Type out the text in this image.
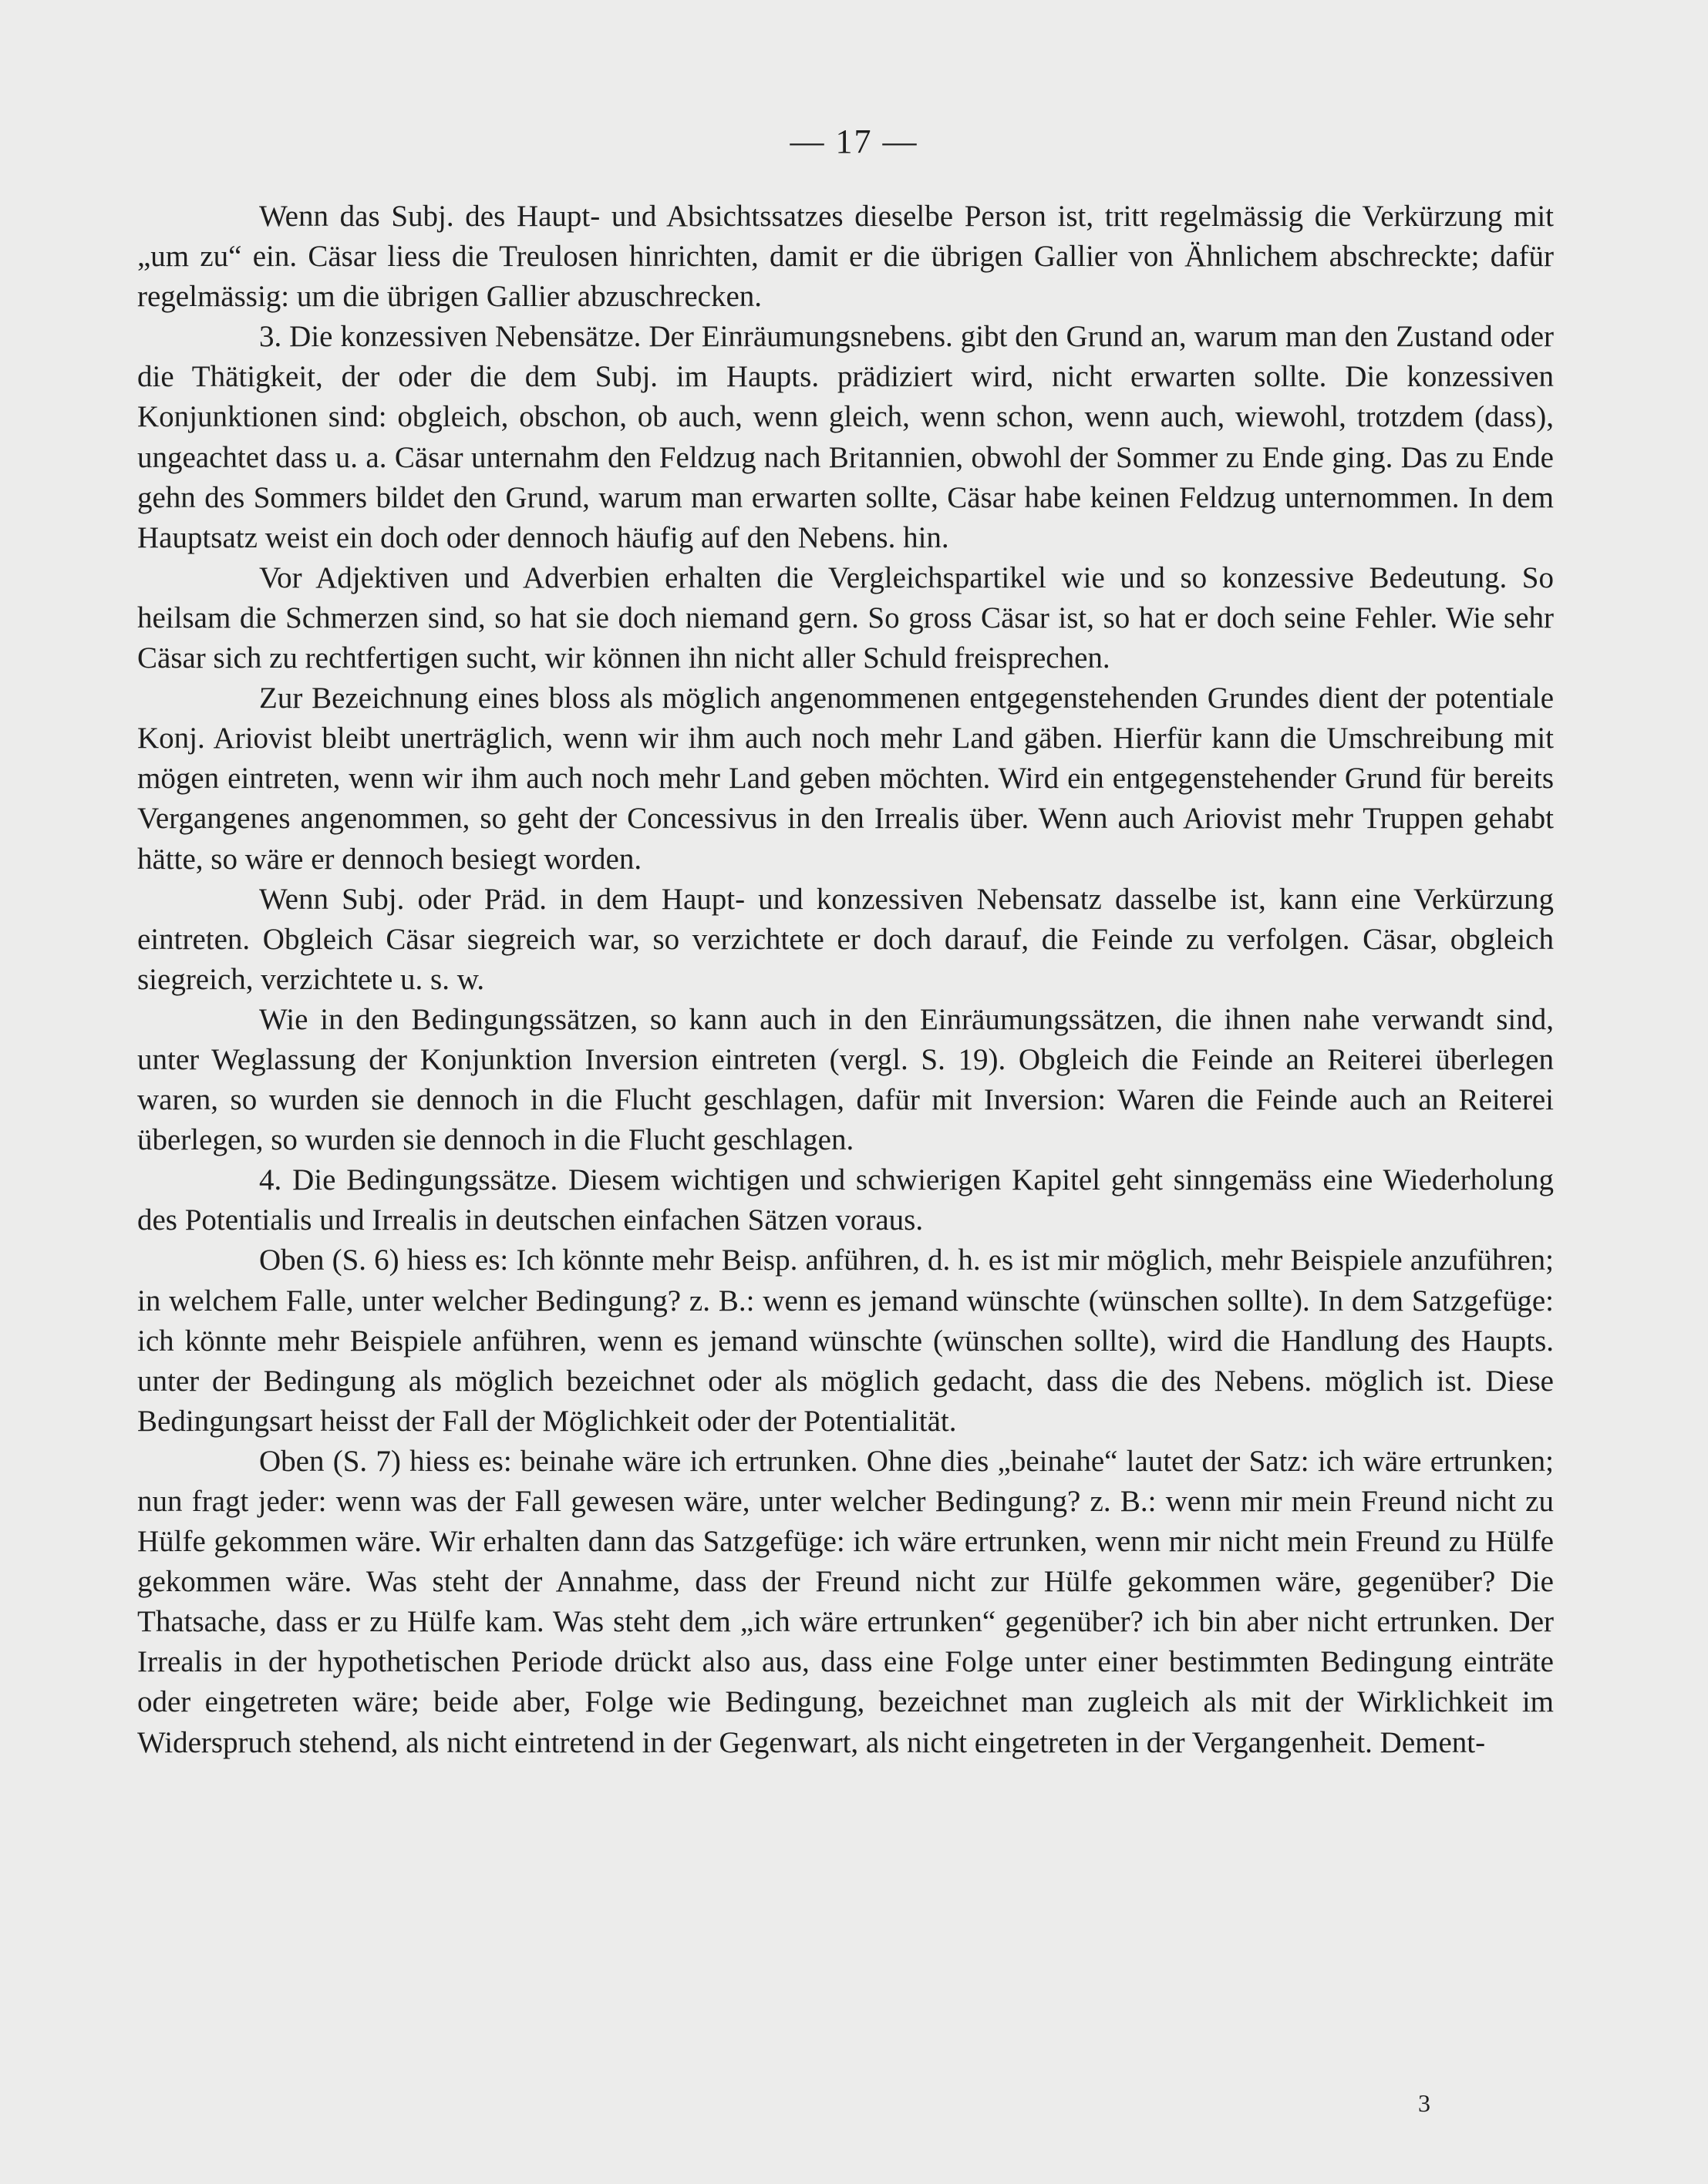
— 17 —

Wenn das Subj. des Haupt- und Absichtssatzes dieselbe Person ist, tritt regelmässig die Verkürzung mit „um zu“ ein. Cäsar liess die Treulosen hinrichten, damit er die übrigen Gallier von Ähnlichem abschreckte; dafür regelmässig: um die übrigen Gallier abzuschrecken.

3. Die konzessiven Nebensätze. Der Einräumungsnebens. gibt den Grund an, warum man den Zustand oder die Thätigkeit, der oder die dem Subj. im Haupts. prädiziert wird, nicht erwarten sollte. Die konzessiven Konjunktionen sind: obgleich, obschon, ob auch, wenn gleich, wenn schon, wenn auch, wiewohl, trotzdem (dass), ungeachtet dass u. a. Cäsar unternahm den Feldzug nach Britannien, obwohl der Sommer zu Ende ging. Das zu Ende gehn des Sommers bildet den Grund, warum man erwarten sollte, Cäsar habe keinen Feldzug unternommen. In dem Hauptsatz weist ein doch oder dennoch häufig auf den Nebens. hin.

Vor Adjektiven und Adverbien erhalten die Vergleichspartikel wie und so konzessive Bedeutung. So heilsam die Schmerzen sind, so hat sie doch niemand gern. So gross Cäsar ist, so hat er doch seine Fehler. Wie sehr Cäsar sich zu rechtfertigen sucht, wir können ihn nicht aller Schuld freisprechen.

Zur Bezeichnung eines bloss als möglich angenommenen entgegenstehenden Grundes dient der potentiale Konj. Ariovist bleibt unerträglich, wenn wir ihm auch noch mehr Land gäben. Hierfür kann die Umschreibung mit mögen eintreten, wenn wir ihm auch noch mehr Land geben möchten. Wird ein entgegenstehender Grund für bereits Vergangenes angenommen, so geht der Concessivus in den Irrealis über. Wenn auch Ariovist mehr Truppen gehabt hätte, so wäre er dennoch besiegt worden.

Wenn Subj. oder Präd. in dem Haupt- und konzessiven Nebensatz dasselbe ist, kann eine Verkürzung eintreten. Obgleich Cäsar siegreich war, so verzichtete er doch darauf, die Feinde zu verfolgen. Cäsar, obgleich siegreich, verzichtete u. s. w.

Wie in den Bedingungssätzen, so kann auch in den Einräumungssätzen, die ihnen nahe verwandt sind, unter Weglassung der Konjunktion Inversion eintreten (vergl. S. 19). Obgleich die Feinde an Reiterei überlegen waren, so wurden sie dennoch in die Flucht geschlagen, dafür mit Inversion: Waren die Feinde auch an Reiterei überlegen, so wurden sie dennoch in die Flucht geschlagen.

4. Die Bedingungssätze. Diesem wichtigen und schwierigen Kapitel geht sinngemäss eine Wiederholung des Potentialis und Irrealis in deutschen einfachen Sätzen voraus.

Oben (S. 6) hiess es: Ich könnte mehr Beisp. anführen, d. h. es ist mir möglich, mehr Beispiele anzuführen; in welchem Falle, unter welcher Bedingung? z. B.: wenn es jemand wünschte (wünschen sollte). In dem Satzgefüge: ich könnte mehr Beispiele anführen, wenn es jemand wünschte (wünschen sollte), wird die Handlung des Haupts. unter der Bedingung als möglich bezeichnet oder als möglich gedacht, dass die des Nebens. möglich ist. Diese Bedingungsart heisst der Fall der Möglichkeit oder der Potentialität.

Oben (S. 7) hiess es: beinahe wäre ich ertrunken. Ohne dies „beinahe“ lautet der Satz: ich wäre ertrunken; nun fragt jeder: wenn was der Fall gewesen wäre, unter welcher Bedingung? z. B.: wenn mir mein Freund nicht zu Hülfe gekommen wäre. Wir erhalten dann das Satzgefüge: ich wäre ertrunken, wenn mir nicht mein Freund zu Hülfe gekommen wäre. Was steht der Annahme, dass der Freund nicht zur Hülfe gekommen wäre, gegenüber? Die Thatsache, dass er zu Hülfe kam. Was steht dem „ich wäre ertrunken“ gegenüber? ich bin aber nicht ertrunken. Der Irrealis in der hypothetischen Periode drückt also aus, dass eine Folge unter einer bestimmten Bedingung einträte oder eingetreten wäre; beide aber, Folge wie Bedingung, bezeichnet man zugleich als mit der Wirklichkeit im Widerspruch stehend, als nicht eintretend in der Gegenwart, als nicht eingetreten in der Vergangenheit. Dement-

3
